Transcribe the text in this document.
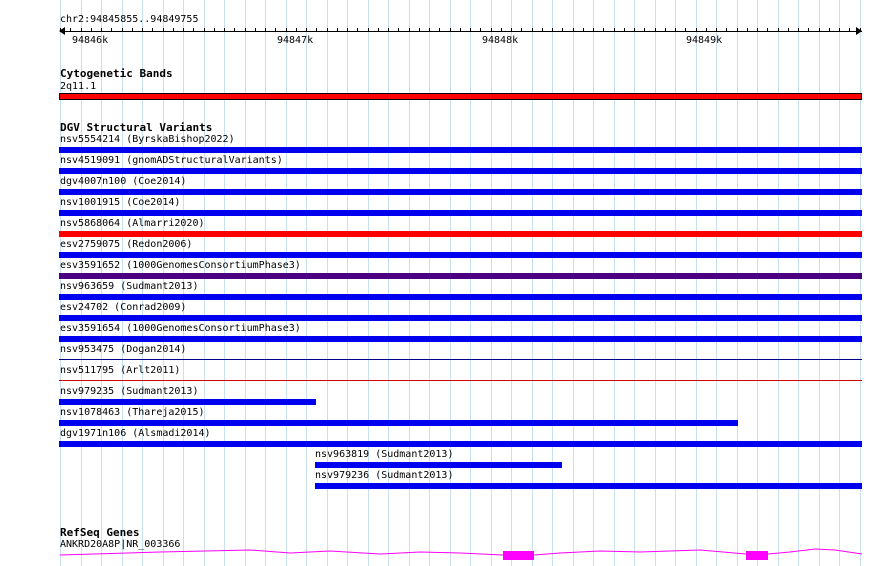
chr2:94845855..94849755
94846k	94847k	94848k	94849k
Cytogenetic Bands
2q11.1
DGV Structural Variants
nsv5554214 (ByrskaBishop2022)
nsv4519091 (gnomADStructuralVariants)
dgv4007n100 (Coe2014)
nsv1001915 (Coe2014)
nsv5868064 (Almarri2020)
esv2759075 (Redon2006)
esv3591652 (1000GenomesConsortiumPhase3)
nsv963659 (Sudmant2013)
esv24702 (Conrad2009)
esv3591654 (1000GenomesConsortiumPhase3)
nsv953475 (Dogan2014)
nsv511795 (Arlt2011)
nsv979235 (Sudmant2013)
nsv1078463 (Thareja2015)
dgv1971n106 (Alsmadi2014)
nsv963819 (Sudmant2013)
nsv979236 (Sudmant2013)
RefSeq Genes
ANKRD20A8P|NR_003366
